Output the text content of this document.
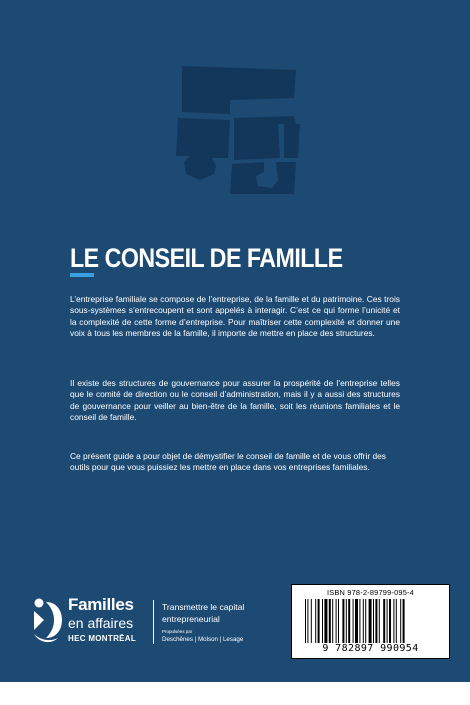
LE CONSEIL DE FAMILLE

L’entreprise familiale se compose de l’entreprise, de la famille et du patrimoine. Ces trois sous-systèmes s’entrecoupent et sont appelés à interagir. C’est ce qui forme l’unicité et la complexité de cette forme d’entreprise. Pour maîtriser cette complexité et donner une voix à tous les membres de la famille, il importe de mettre en place des structures.

Il existe des structures de gouvernance pour assurer la prospérité de l’entreprise telles que le comité de direction ou le conseil d’administration, mais il y a aussi des structures de gouvernance pour veiller au bien-être de la famille, soit les réunions familiales et le conseil de famille.

Ce présent guide a pour objet de démystifier le conseil de famille et de vous offrir des outils pour que vous puissiez les mettre en place dans vos entreprises familiales.

Familles
en affaires
HEC MONTRĒAL
Transmettre le capital entrepreneurial
Propulsées par
Deschênes | Molson | Lesage
ISBN 978-2-89799-095-4
9 782897 990954
